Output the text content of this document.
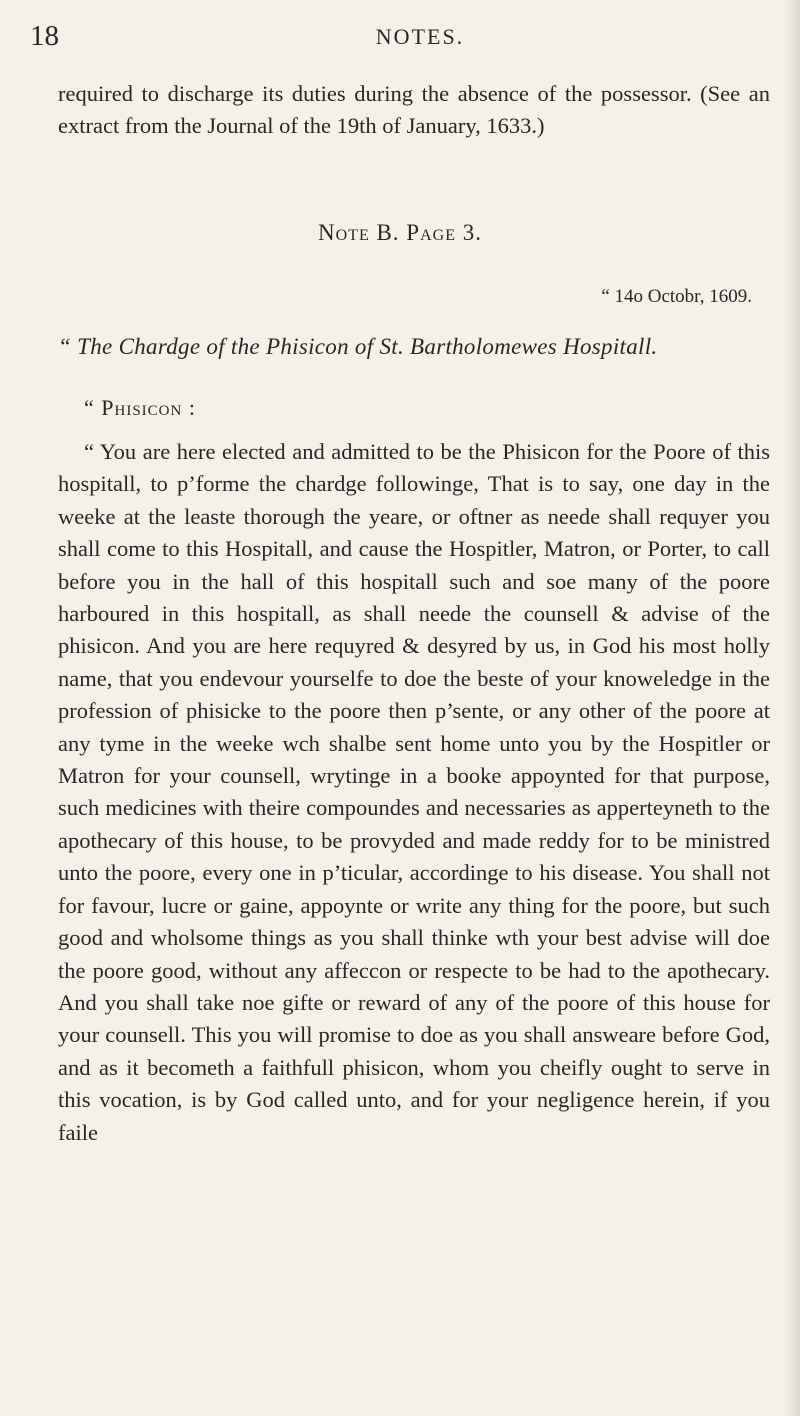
18	NOTES.

required to discharge its duties during the absence of the possessor. (See an extract from the Journal of the 19th of January, 1633.)

Note B. Page 3.
“ 14o Octobr, 1609.
“ The Chardge of the Phisicon of St. Bartholomewes Hospitall.
“ Phisicon :

“ You are here elected and admitted to be the Phisicon for the Poore of this hospitall, to p’forme the chardge followinge, That is to say, one day in the weeke at the leaste thorough the yeare, or oftner as neede shall requyer you shall come to this Hospitall, and cause the Hospitler, Matron, or Porter, to call before you in the hall of this hospitall such and soe many of the poore harboured in this hospitall, as shall neede the counsell & advise of the phisicon. And you are here requyred & desyred by us, in God his most holly name, that you endevour yourselfe to doe the beste of your knoweledge in the profession of phisicke to the poore then p’sente, or any other of the poore at any tyme in the weeke wch shalbe sent home unto you by the Hospitler or Matron for your counsell, wrytinge in a booke appoynted for that purpose, such medicines with theire compoundes and necessaries as apperteyneth to the apothecary of this house, to be provyded and made reddy for to be ministred unto the poore, every one in p’ticular, accordinge to his disease. You shall not for favour, lucre or gaine, appoynte or write any thing for the poore, but such good and wholsome things as you shall thinke wth your best advise will doe the poore good, without any affeccon or respecte to be had to the apothecary. And you shall take noe gifte or reward of any of the poore of this house for your counsell. This you will promise to doe as you shall answeare before God, and as it becometh a faithfull phisicon, whom you cheifly ought to serve in this vocation, is by God called unto, and for your negligence herein, if you faile
